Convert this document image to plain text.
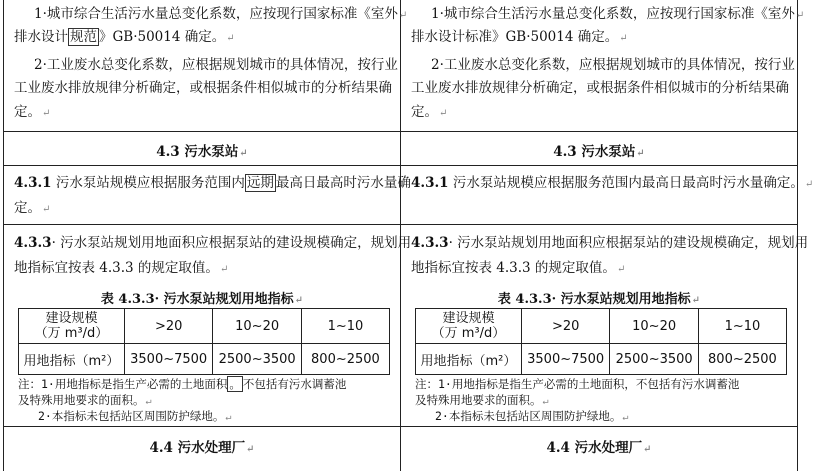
1·城市综合生活污水量总变化系数，应按现行国家标准《室外↵
排水设计 规范 》GB·50014 确定。↵
2·工业废水总变化系数，应根据规划城市的具体情况，按行业
工业废水排放规律分析确定，或根据条件相似城市的分析结果确
定。↵
4.3 污水泵站↵
4.3.1 污水泵站规模应根据服务范围内 远期 最高日最高时污水量确
定。↵
4.3.3· 污水泵站规划用地面积应根据泵站的建设规模确定，规划用
地指标宜按表 4.3.3 的规定取值。↵
表 4.3.3· 污水泵站规划用地指标↵
建设规模
（万 m³/d）	>20	10~20	1~10
用地指标（m²）	3500~7500	2500~3500	800~2500
注：1·用地指标是指生产必需的土地面积 。 不包括有污水调蓄池
及特殊用地要求的面积。↵
2·本指标未包括站区周围防护绿地。↵
4.4 污水处理厂↵
1·城市综合生活污水量总变化系数，应按现行国家标准《室外↵
排水设计标准》GB·50014 确定。↵
2·工业废水总变化系数，应根据规划城市的具体情况，按行业
工业废水排放规律分析确定，或根据条件相似城市的分析结果确
定。↵
4.3 污水泵站↵
4.3.1 污水泵站规模应根据服务范围内最高日最高时污水量确定。↵
4.3.3· 污水泵站规划用地面积应根据泵站的建设规模确定，规划用
地指标宜按表 4.3.3 的规定取值。↵
表 4.3.3· 污水泵站规划用地指标↵
建设规模
（万 m³/d）	>20	10~20	1~10
用地指标（m²）	3500~7500	2500~3500	800~2500
注：1·用地指标是指生产必需的土地面积，不包括有污水调蓄池
及特殊用地要求的面积。↵
2·本指标未包括站区周围防护绿地。↵
4.4 污水处理厂↵
